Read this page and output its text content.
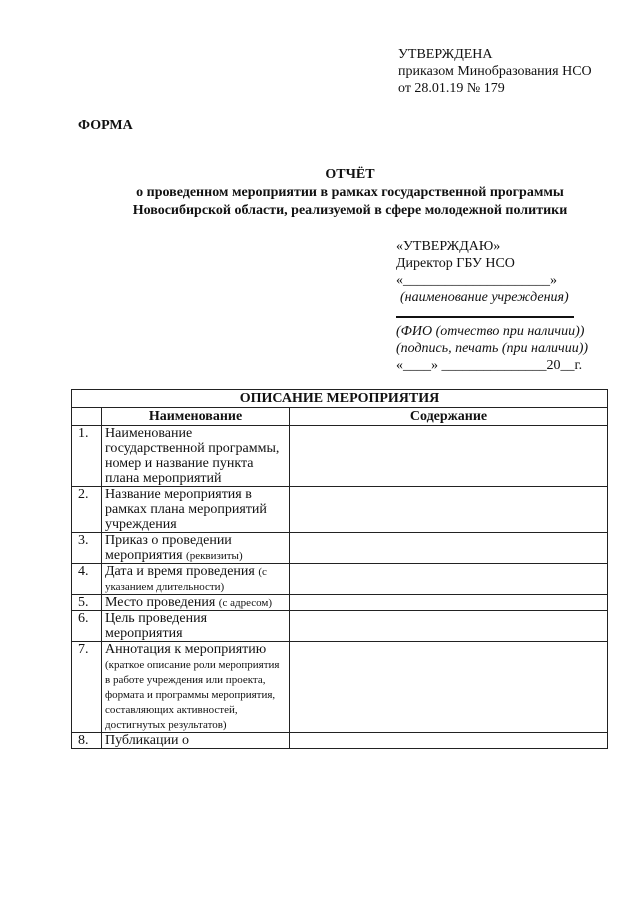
УТВЕРЖДЕНА
приказом Минобразования НСО
от 28.01.19 № 179
ФОРМА
ОТЧЁТ
о проведенном мероприятии в рамках государственной программы
Новосибирской области, реализуемой в сфере молодежной политики
«УТВЕРЖДАЮ»
Директор ГБУ НСО
«_____________________»
(наименование учреждения)
(ФИО (отчество при наличии))
(подпись, печать (при наличии))
«____» _______________20__г.
ОПИСАНИЕ МЕРОПРИЯТИЯ		
	Наименование	Содержание
1.	Наименование государственной программы, номер и название пункта плана мероприятий	
2.	Название мероприятия в рамках плана мероприятий учреждения	
3.	Приказ о проведении мероприятия (реквизиты)	
4.	Дата и время проведения (с указанием длительности)	
5.	Место проведения (с адресом)	
6.	Цель проведения мероприятия	
7.	Аннотация к мероприятию
(краткое описание роли мероприятия в работе учреждения или проекта, формата и программы мероприятия, составляющих активностей, достигнутых результатов)	
8.	Публикации о	
